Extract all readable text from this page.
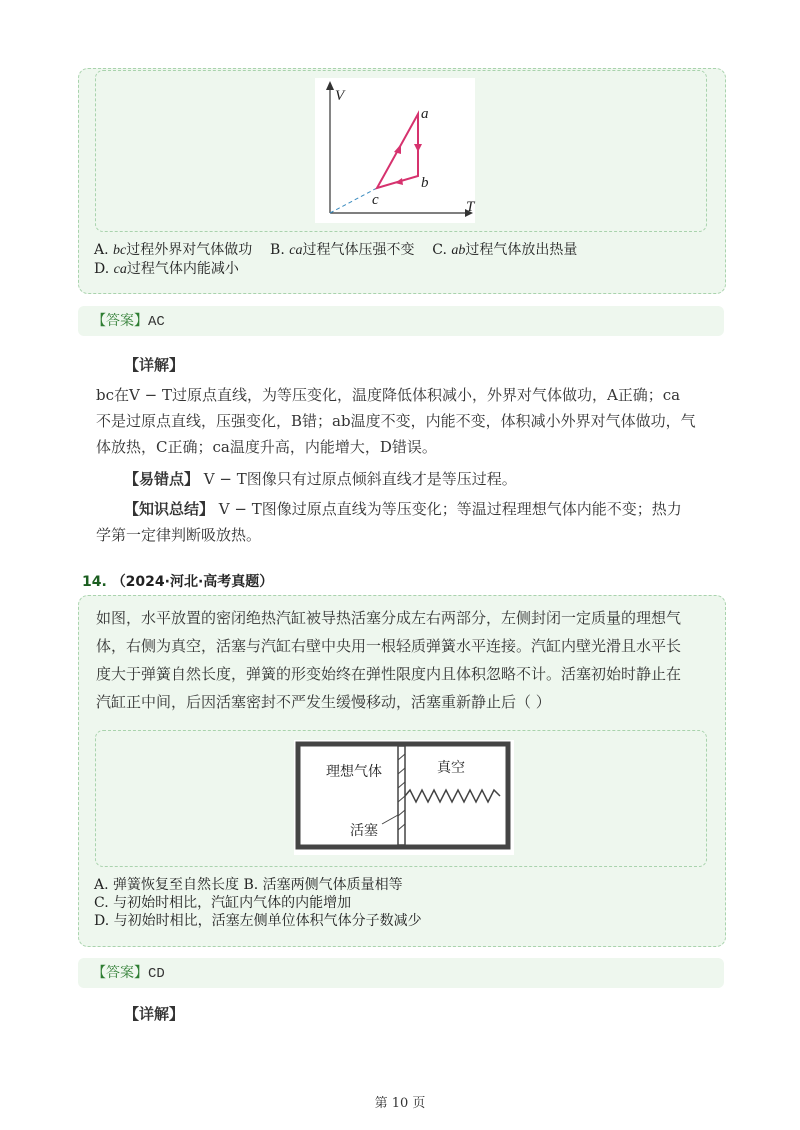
V
T
a
b
c
A. bc过程外界对气体做功 B. ca过程气体压强不变 C. ab过程气体放出热量
D. ca过程气体内能减小
【答案】AC
【详解】
bc在V − T过原点直线，为等压变化，温度降低体积减小，外界对气体做功，A正确；ca
不是过原点直线，压强变化，B错；ab温度不变，内能不变，体积减小外界对气体做功，气
体放热，C正确；ca温度升高，内能增大，D错误。
【易错点】 V − T图像只有过原点倾斜直线才是等压过程。
【知识总结】 V − T图像过原点直线为等压变化；等温过程理想气体内能不变；热力
学第一定律判断吸放热。
14. （2024·河北·高考真题）
如图，水平放置的密闭绝热汽缸被导热活塞分成左右两部分，左侧封闭一定质量的理想气
体，右侧为真空，活塞与汽缸右壁中央用一根轻质弹簧水平连接。汽缸内壁光滑且水平长
度大于弹簧自然长度，弹簧的形变始终在弹性限度内且体积忽略不计。活塞初始时静止在
汽缸正中间，后因活塞密封不严发生缓慢移动，活塞重新静止后（ ）
理想气体	真空
活塞
A. 弹簧恢复至自然长度 B. 活塞两侧气体质量相等
C. 与初始时相比，汽缸内气体的内能增加
D. 与初始时相比，活塞左侧单位体积气体分子数减少
【答案】CD
【详解】
第 10 页
